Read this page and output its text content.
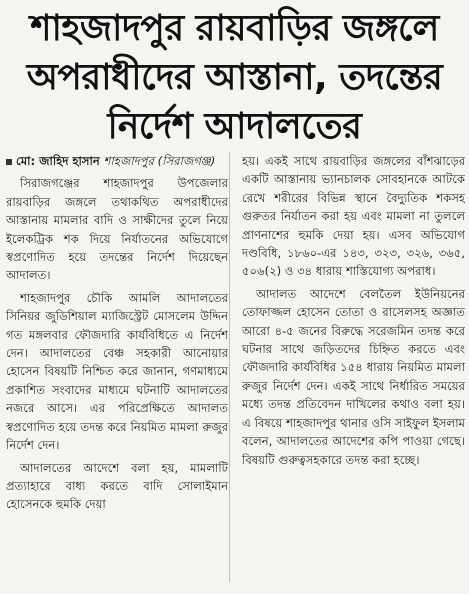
শাহজাদপুর রায়বাড়ির জঙ্গলে
অপরাধীদের আস্তানা, তদন্তের
নির্দেশ আদালতের

মো: জাহিদ হাসান শাহজাদপুর (সিরাজগঞ্জ)

সিরাজগঞ্জের শাহজাদপুর উপজেলার রায়বাড়ির জঙ্গলে তথাকথিত অপরাধীদের আস্তানায় মামলার বাদি ও সাক্ষীদের তুলে নিয়ে ইলেকট্রিক শক দিয়ে নির্যাতনের অভিযোগে স্বপ্রণোদিত হয়ে তদন্তের নির্দেশ দিয়েছেন আদালত।

শাহজাদপুর চৌকি আমলি আদালতের সিনিয়র জুডিশিয়াল ম্যাজিস্ট্রেট মোসলেম উদ্দিন গত মঙ্গলবার ফৌজদারি কার্যবিধিতে এ নির্দেশ দেন। আদালতের বেঞ্চ সহকারী আনোয়ার হোসেন বিষয়টি নিশ্চিত করে জানান, গণমাধ্যমে প্রকাশিত সংবাদের মাধ্যমে ঘটনাটি আদালতের নজরে আসে। এর পরিপ্রেক্ষিতে আদালত স্বপ্রণোদিত হয়ে তদন্ত করে নিয়মিত মামলা রুজুর নির্দেশ দেন।

আদালতের আদেশে বলা হয়, মামলাটি প্রত্যাহারে বাধ্য করতে বাদি সোলাইমান হোসেনকে হুমকি দেয়া

হয়। একই সাথে রায়বাড়ির জঙ্গলের বাঁশঝাড়ের একটি আস্তানায় ভ্যানচালক সোবহানকে আটকে রেখে শরীরের বিভিন্ন স্থানে বৈদ্যুতিক শকসহ গুরুতর নির্যাতন করা হয় এবং মামলা না তুললে প্রাণনাশের হুমকি দেয়া হয়। এসব অভিযোগ দণ্ডবিধি, ১৮৬০-এর ১৪৩, ৩২৩, ৩২৬, ৩৬৫, ৫০৬(২) ও ৩৪ ধারায় শাস্তিযোগ্য অপরাধ।

আদালত আদেশে বেলতৈল ইউনিয়নের তোফাজ্জল হোসেন তোতা ও রাসেলসহ অজ্ঞাত আরো ৪-৫ জনের বিরুদ্ধে সরেজমিন তদন্ত করে ঘটনার সাথে জড়িতদের চিহ্নিত করতে এবং ফৌজদারি কার্যবিধির ১৫৪ ধারায় নিয়মিত মামলা রুজুর নির্দেশ দেন। একই সাথে নির্ধারিত সময়ের মধ্যে তদন্ত প্রতিবেদন দাখিলের কথাও বলা হয়। এ বিষয়ে শাহজাদপুর থানার ওসি সাইফুল ইসলাম বলেন, আদালতের আদেশের কপি পাওয়া গেছে। বিষয়টি গুরুত্বসহকারে তদন্ত করা হচ্ছে।
